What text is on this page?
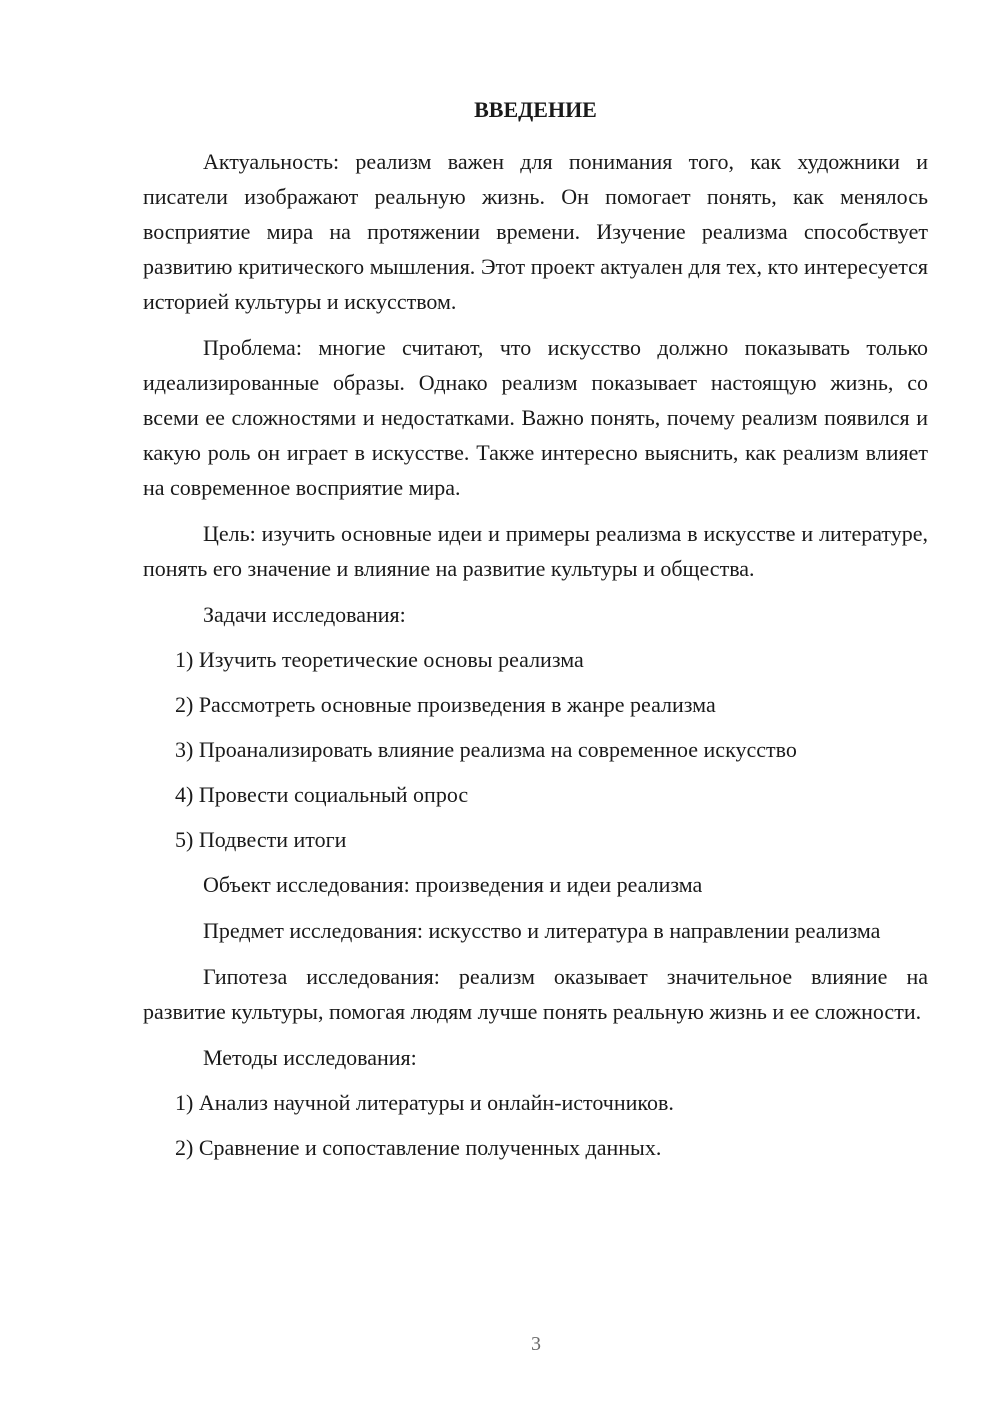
ВВЕДЕНИЕ

Актуальность: реализм важен для понимания того, как художники и писатели изображают реальную жизнь. Он помогает понять, как менялось восприятие мира на протяжении времени. Изучение реализма способствует развитию критического мышления. Этот проект актуален для тех, кто интересуется историей культуры и искусством.

Проблема: многие считают, что искусство должно показывать только идеализированные образы. Однако реализм показывает настоящую жизнь, со всеми ее сложностями и недостатками. Важно понять, почему реализм появился и какую роль он играет в искусстве. Также интересно выяснить, как реализм влияет на современное восприятие мира.

Цель: изучить основные идеи и примеры реализма в искусстве и литературе, понять его значение и влияние на развитие культуры и общества.

Задачи исследования:

1) Изучить теоретические основы реализма
2) Рассмотреть основные произведения в жанре реализма
3) Проанализировать влияние реализма на современное искусство
4) Провести социальный опрос
5) Подвести итоги

Объект исследования: произведения и идеи реализма

Предмет исследования: искусство и литература в направлении реализма

Гипотеза исследования: реализм оказывает значительное влияние на развитие культуры, помогая людям лучше понять реальную жизнь и ее сложности.

Методы исследования:

1) Анализ научной литературы и онлайн-источников.
2) Сравнение и сопоставление полученных данных.
3
